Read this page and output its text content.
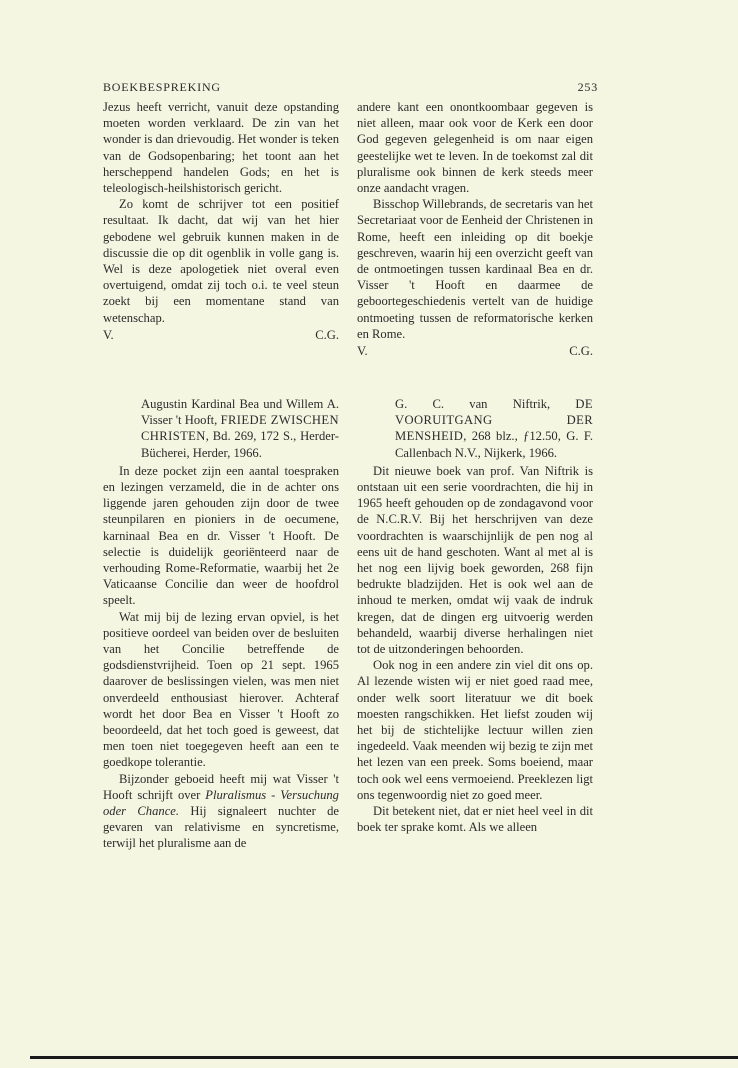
BOEKBESPREKING	253

Jezus heeft verricht, vanuit deze opstanding moeten worden verklaard. De zin van het wonder is dan drievoudig. Het wonder is teken van de Godsopenbaring; het toont aan het herscheppend handelen Gods; en het is teleologisch-heilshistorisch gericht.

Zo komt de schrijver tot een positief resultaat. Ik dacht, dat wij van het hier gebodene wel gebruik kunnen maken in de discussie die op dit ogenblik in volle gang is. Wel is deze apologetiek niet overal even overtuigend, omdat zij toch o.i. te veel steun zoekt bij een momentane stand van wetenschap.

V.	C.G.

andere kant een onontkoombaar gegeven is niet alleen, maar ook voor de Kerk een door God gegeven gelegenheid is om naar eigen geestelijke wet te leven. In de toekomst zal dit pluralisme ook binnen de kerk steeds meer onze aandacht vragen.

Bisschop Willebrands, de secretaris van het Secretariaat voor de Eenheid der Christenen in Rome, heeft een inleiding op dit boekje geschreven, waarin hij een overzicht geeft van de ontmoetingen tussen kardinaal Bea en dr. Visser 't Hooft en daarmee de geboortegeschiedenis vertelt van de huidige ontmoeting tussen de reformatorische kerken en Rome.

V.	C.G.
Augustin Kardinal Bea und Willem A. Visser 't Hooft, FRIEDE ZWISCHEN CHRISTEN, Bd. 269, 172 S., Herder-Bücherei, Herder, 1966.

In deze pocket zijn een aantal toespraken en lezingen verzameld, die in de achter ons liggende jaren gehouden zijn door de twee steunpilaren en pioniers in de oecumene, karninaal Bea en dr. Visser 't Hooft. De selectie is duidelijk georiënteerd naar de verhouding Rome-Reformatie, waarbij het 2e Vaticaanse Concilie dan weer de hoofdrol speelt.

Wat mij bij de lezing ervan opviel, is het positieve oordeel van beiden over de besluiten van het Concilie betreffende de godsdienstvrijheid. Toen op 21 sept. 1965 daarover de beslissingen vielen, was men niet onverdeeld enthousiast hierover. Achteraf wordt het door Bea en Visser 't Hooft zo beoordeeld, dat het toch goed is geweest, dat men toen niet toegegeven heeft aan een te goedkope tolerantie.

Bijzonder geboeid heeft mij wat Visser 't Hooft schrijft over Pluralismus - Versuchung oder Chance. Hij signaleert nuchter de gevaren van relativisme en syncretisme, terwijl het pluralisme aan de

G. C. van Niftrik, DE VOORUITGANG DER MENSHEID, 268 blz., ƒ12.50, G. F. Callenbach N.V., Nijkerk, 1966.

Dit nieuwe boek van prof. Van Niftrik is ontstaan uit een serie voordrachten, die hij in 1965 heeft gehouden op de zondagavond voor de N.C.R.V. Bij het herschrijven van deze voordrachten is waarschijnlijk de pen nog al eens uit de hand geschoten. Want al met al is het nog een lijvig boek geworden, 268 fijn bedrukte bladzijden. Het is ook wel aan de inhoud te merken, omdat wij vaak de indruk kregen, dat de dingen erg uitvoerig werden behandeld, waarbij diverse herhalingen niet tot de uitzonderingen behoorden.

Ook nog in een andere zin viel dit ons op. Al lezende wisten wij er niet goed raad mee, onder welk soort literatuur we dit boek moesten rangschikken. Het liefst zouden wij het bij de stichtelijke lectuur willen zien ingedeeld. Vaak meenden wij bezig te zijn met het lezen van een preek. Soms boeiend, maar toch ook wel eens vermoeiend. Preeklezen ligt ons tegenwoordig niet zo goed meer.

Dit betekent niet, dat er niet heel veel in dit boek ter sprake komt. Als we alleen
